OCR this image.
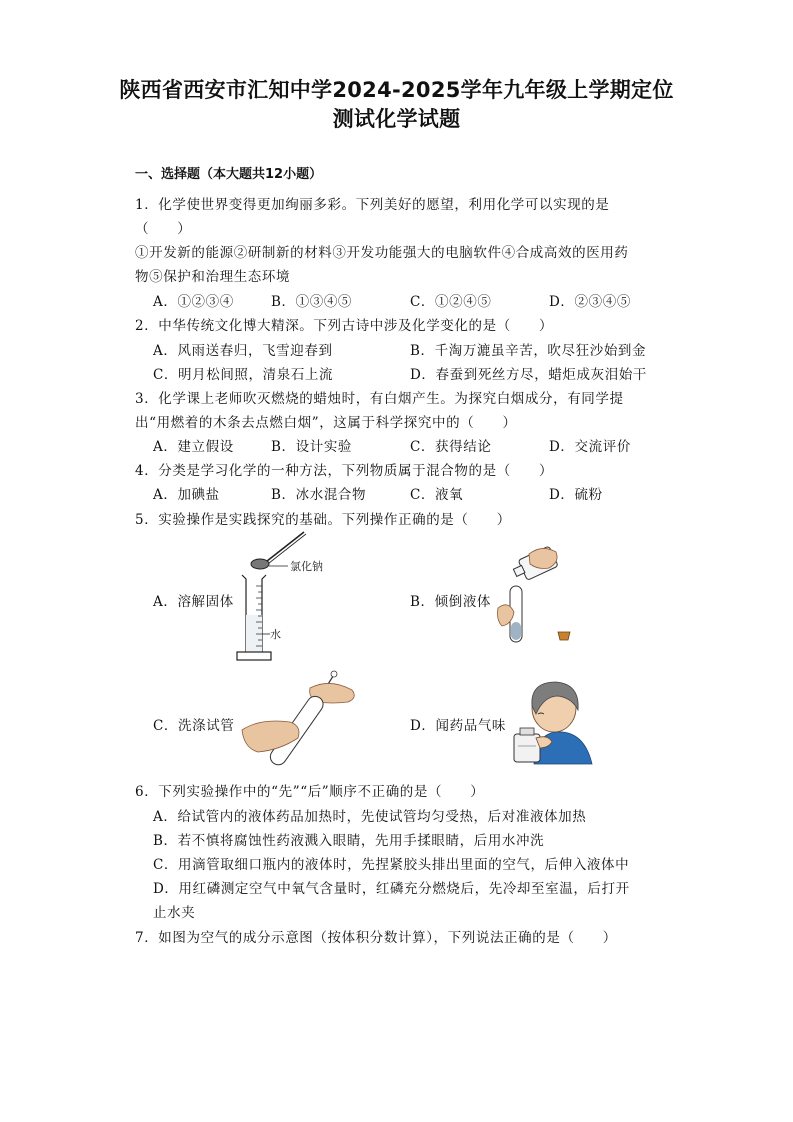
陕西省西安市汇知中学2024-2025学年九年级上学期定位
测试化学试题
一、选择题（本大题共12小题）
1．化学使世界变得更加绚丽多彩。下列美好的愿望，利用化学可以实现的是
（　　）
①开发新的能源②研制新的材料③开发功能强大的电脑软件④合成高效的医用药
物⑤保护和治理生态环境
A．①②③④	B．①③④⑤	C．①②④⑤	D．②③④⑤
2．中华传统文化博大精深。下列古诗中涉及化学变化的是（　　）
A．风雨送春归，飞雪迎春到	B．千淘万漉虽辛苦，吹尽狂沙始到金
C．明月松间照，清泉石上流	D．春蚕到死丝方尽，蜡炬成灰泪始干
3．化学课上老师吹灭燃烧的蜡烛时，有白烟产生。为探究白烟成分，有同学提
出“用燃着的木条去点燃白烟”，这属于科学探究中的（　　）
A．建立假设	B．设计实验	C．获得结论	D．交流评价
4．分类是学习化学的一种方法，下列物质属于混合物的是（　　）
A．加碘盐	B．冰水混合物	C．液氧	D．硫粉
5．实验操作是实践探究的基础。下列操作正确的是（　　）
A．溶解固体
氯化钠
水
B．倾倒液体
C．洗涤试管	D．闻药品气味
6．下列实验操作中的“先”“后”顺序不正确的是（　　）
A．给试管内的液体药品加热时，先使试管均匀受热，后对准液体加热
B．若不慎将腐蚀性药液溅入眼睛，先用手揉眼睛，后用水冲洗
C．用滴管取细口瓶内的液体时，先捏紧胶头排出里面的空气，后伸入液体中
D．用红磷测定空气中氧气含量时，红磷充分燃烧后，先冷却至室温，后打开
止水夹
7．如图为空气的成分示意图（按体积分数计算），下列说法正确的是（　　）
